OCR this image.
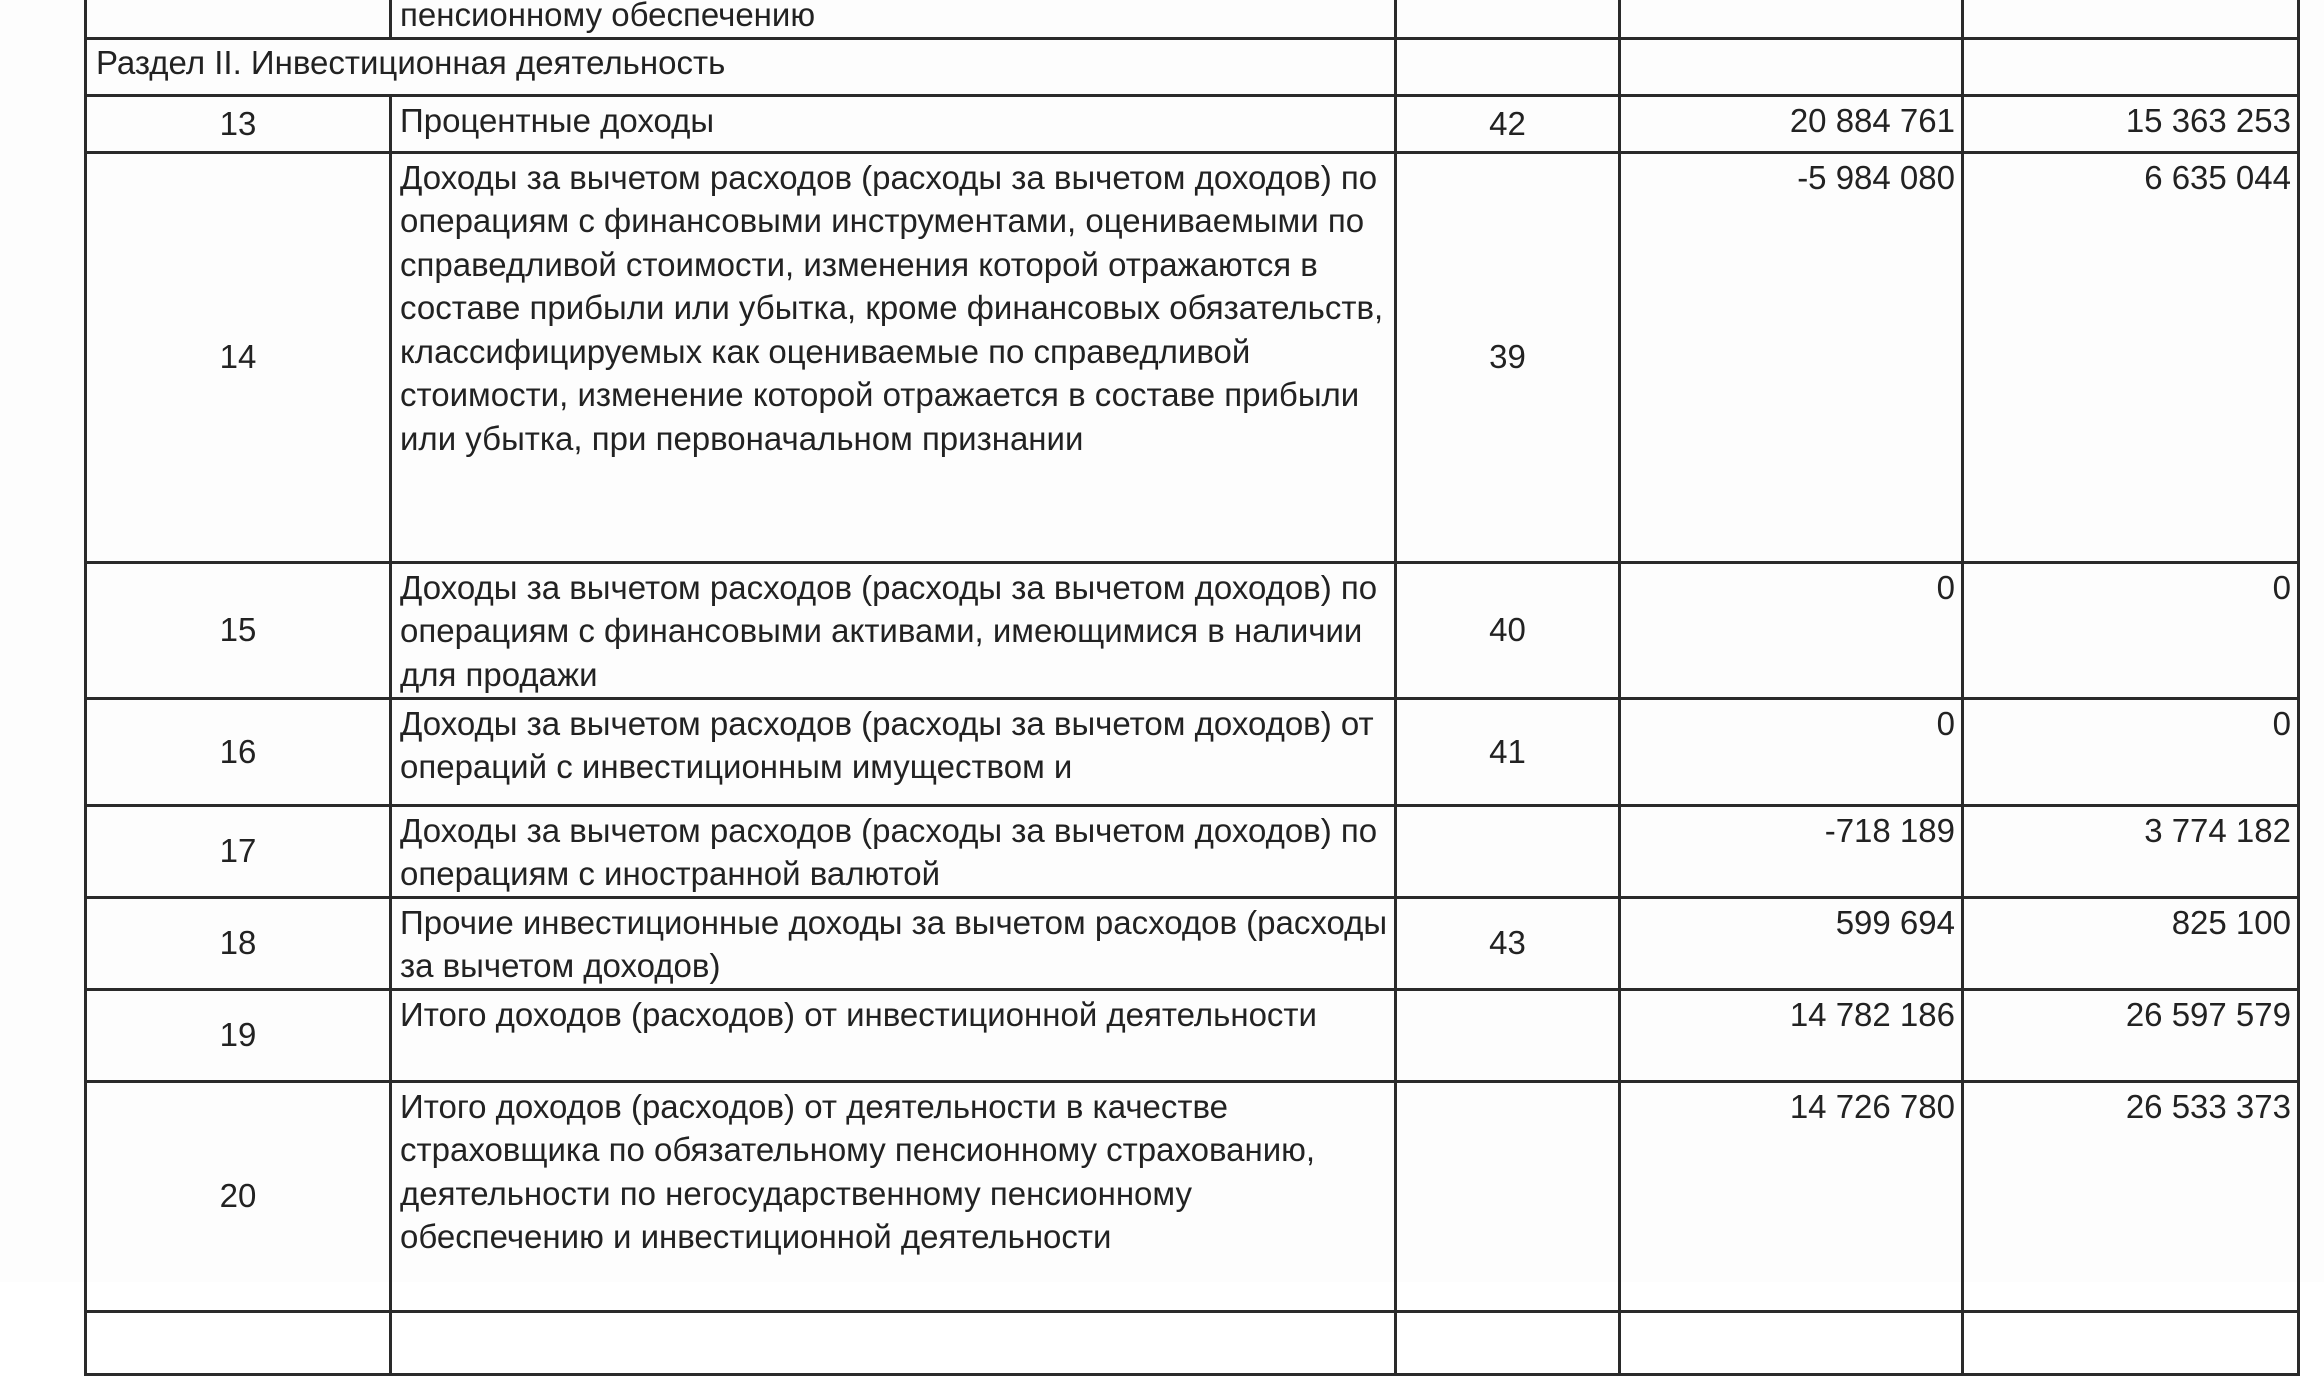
	пенсионному обеспечению			

Раздел II. Инвестиционная деятельность				
13	Процентные доходы	42	20 884 761	15 363 253
14	Доходы за вычетом расходов (расходы за вычетом доходов) по операциям с финансовыми инструментами, оцениваемыми по справедливой стоимости, изменения которой отражаются в составе прибыли или убытка, кроме финансовых обязательств, классифицируемых как оцениваемые по справедливой стоимости, изменение которой отражается в составе прибыли или убытка, при первоначальном признании	39	-5 984 080	6 635 044
15	Доходы за вычетом расходов (расходы за вычетом доходов) по операциям с финансовыми активами, имеющимися в наличии для продажи	40	0	0
16	Доходы за вычетом расходов (расходы за вычетом доходов) от операций с инвестиционным имуществом и	41	0	0
17	Доходы за вычетом расходов (расходы за вычетом доходов) по операциям с иностранной валютой		-718 189	3 774 182
18	Прочие инвестиционные доходы за вычетом расходов (расходы за вычетом доходов)	43	599 694	825 100
19	Итого доходов (расходов) от инвестиционной деятельности		14 782 186	26 597 579
20	Итого доходов (расходов) от деятельности в качестве страховщика по обязательному пенсионному страхованию, деятельности по негосударственному пенсионному обеспечению и инвестиционной деятельности		14 726 780	26 533 373
